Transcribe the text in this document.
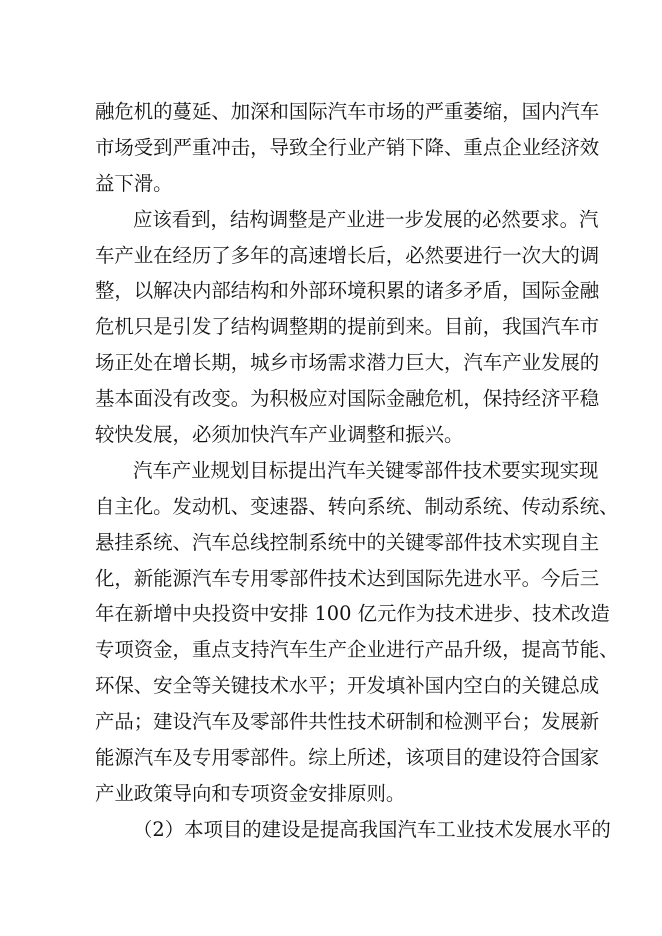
融危机的蔓延、加深和国际汽车市场的严重萎缩，国内汽车
市场受到严重冲击，导致全行业产销下降、重点企业经济效
益下滑。
应该看到，结构调整是产业进一步发展的必然要求。汽
车产业在经历了多年的高速增长后，必然要进行一次大的调
整，以解决内部结构和外部环境积累的诸多矛盾，国际金融
危机只是引发了结构调整期的提前到来。目前，我国汽车市
场正处在增长期，城乡市场需求潜力巨大，汽车产业发展的
基本面没有改变。为积极应对国际金融危机，保持经济平稳
较快发展，必须加快汽车产业调整和振兴。
汽车产业规划目标提出汽车关键零部件技术要实现实现
自主化。发动机、变速器、转向系统、制动系统、传动系统、
悬挂系统、汽车总线控制系统中的关键零部件技术实现自主
化，新能源汽车专用零部件技术达到国际先进水平。今后三
年在新增中央投资中安排 100 亿元作为技术进步、技术改造
专项资金，重点支持汽车生产企业进行产品升级，提高节能、
环保、安全等关键技术水平；开发填补国内空白的关键总成
产品；建设汽车及零部件共性技术研制和检测平台；发展新
能源汽车及专用零部件。综上所述，该项目的建设符合国家
产业政策导向和专项资金安排原则。
（2）本项目的建设是提高我国汽车工业技术发展水平的
